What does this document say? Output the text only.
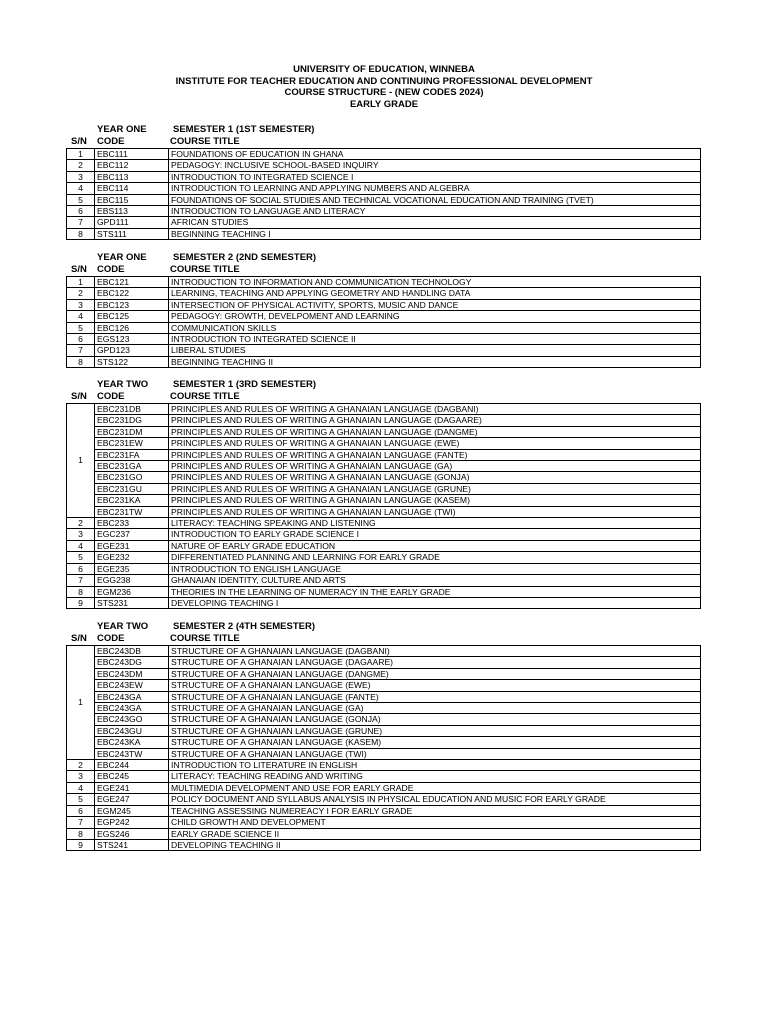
UNIVERSITY OF EDUCATION, WINNEBA
INSTITUTE FOR TEACHER EDUCATION AND CONTINUING PROFESSIONAL DEVELOPMENT
COURSE STRUCTURE - (NEW CODES 2024)
EARLY GRADE
YEAR ONE	SEMESTER 1 (1ST SEMESTER)
S/N CODE	COURSE TITLE
1	EBC111	FOUNDATIONS OF EDUCATION IN GHANA
2	EBC112	PEDAGOGY: INCLUSIVE SCHOOL-BASED INQUIRY
3	EBC113	INTRODUCTION TO INTEGRATED SCIENCE I
4	EBC114	INTRODUCTION TO LEARNING AND APPLYING NUMBERS AND ALGEBRA
5	EBC115	FOUNDATIONS OF SOCIAL STUDIES AND TECHNICAL VOCATIONAL EDUCATION AND TRAINING (TVET)
6	EBS113	INTRODUCTION TO LANGUAGE AND LITERACY
7	GPD111	AFRICAN STUDIES
8	STS111	BEGINNING TEACHING I
YEAR ONE	SEMESTER 2 (2ND SEMESTER)
S/N CODE	COURSE TITLE
1	EBC121	INTRODUCTION TO INFORMATION AND COMMUNICATION TECHNOLOGY
2	EBC122	LEARNING, TEACHING AND APPLYING GEOMETRY AND HANDLING DATA
3	EBC123	INTERSECTION OF PHYSICAL ACTIVITY, SPORTS, MUSIC AND DANCE
4	EBC125	PEDAGOGY: GROWTH, DEVELPOMENT AND LEARNING
5	EBC126	COMMUNICATION SKILLS
6	EGS123	INTRODUCTION TO INTEGRATED SCIENCE II
7	GPD123	LIBERAL STUDIES
8	STS122	BEGINNING TEACHING II
YEAR TWO	SEMESTER 1 (3RD SEMESTER)
S/N CODE	COURSE TITLE
1	EBC231DB	PRINCIPLES AND RULES OF WRITING A GHANAIAN LANGUAGE (DAGBANI)
	EBC231DG	PRINCIPLES AND RULES OF WRITING A GHANAIAN LANGUAGE (DAGAARE)
	EBC231DM	PRINCIPLES AND RULES OF WRITING A GHANAIAN LANGUAGE (DANGME)
	EBC231EW	PRINCIPLES AND RULES OF WRITING A GHANAIAN LANGUAGE (EWE)
	EBC231FA	PRINCIPLES AND RULES OF WRITING A GHANAIAN LANGUAGE (FANTE)
	EBC231GA	PRINCIPLES AND RULES OF WRITING A GHANAIAN LANGUAGE (GA)
	EBC231GO	PRINCIPLES AND RULES OF WRITING A GHANAIAN LANGUAGE (GONJA)
	EBC231GU	PRINCIPLES AND RULES OF WRITING A GHANAIAN LANGUAGE (GRUNE)
	EBC231KA	PRINCIPLES AND RULES OF WRITING A GHANAIAN LANGUAGE (KASEM)
	EBC231TW	PRINCIPLES AND RULES OF WRITING A GHANAIAN LANGUAGE (TWI)
2	EBC233	LITERACY: TEACHING SPEAKING AND LISTENING
3	EGC237	INTRODUCTION TO EARLY GRADE SCIENCE I
4	EGE231	NATURE OF EARLY GRADE EDUCATION
5	EGE232	DIFFERENTIATED PLANNING AND LEARNING FOR EARLY GRADE
6	EGE235	INTRODUCTION TO ENGLISH LANGUAGE
7	EGG238	GHANAIAN IDENTITY, CULTURE AND ARTS
8	EGM236	THEORIES IN THE LEARNING OF NUMERACY IN THE EARLY GRADE
9	STS231	DEVELOPING TEACHING I
YEAR TWO	SEMESTER 2 (4TH SEMESTER)
S/N CODE	COURSE TITLE
1	EBC243DB	STRUCTURE OF A GHANAIAN LANGUAGE (DAGBANI)
	EBC243DG	STRUCTURE OF A GHANAIAN LANGUAGE (DAGAARE)
	EBC243DM	STRUCTURE OF A GHANAIAN LANGUAGE (DANGME)
	EBC243EW	STRUCTURE OF A GHANAIAN LANGUAGE (EWE)
	EBC243GA	STRUCTURE OF A GHANAIAN LANGUAGE (FANTE)
	EBC243GA	STRUCTURE OF A GHANAIAN LANGUAGE (GA)
	EBC243GO	STRUCTURE OF A GHANAIAN LANGUAGE (GONJA)
	EBC243GU	STRUCTURE OF A GHANAIAN LANGUAGE (GRUNE)
	EBC243KA	STRUCTURE OF A GHANAIAN LANGUAGE (KASEM)
	EBC243TW	STRUCTURE OF A GHANAIAN LANGUAGE (TWI)
2	EBC244	INTRODUCTION TO LITERATURE IN ENGLISH
3	EBC245	LITERACY: TEACHING READING AND WRITING
4	EGE241	MULTIMEDIA DEVELOPMENT AND USE FOR EARLY GRADE
5	EGE247	POLICY DOCUMENT AND SYLLABUS ANALYSIS IN PHYSICAL EDUCATION AND MUSIC FOR EARLY GRADE
6	EGM245	TEACHING ASSESSING NUMEREACY I FOR EARLY GRADE
7	EGP242	CHILD GROWTH AND DEVELOPMENT
8	EGS246	EARLY GRADE SCIENCE II
9	STS241	DEVELOPING TEACHING II
